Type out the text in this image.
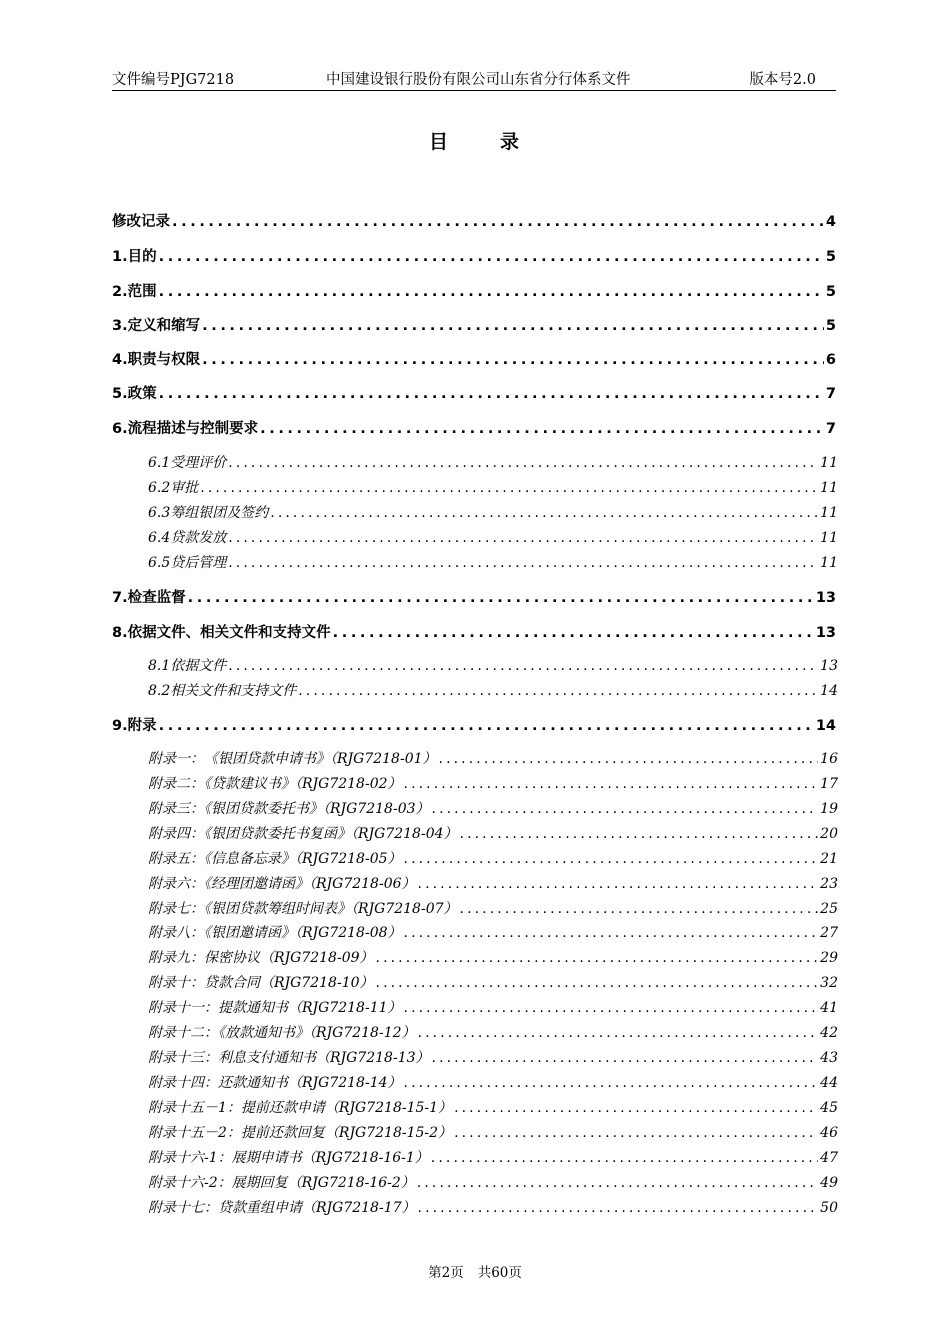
文件编号PJG7218	中国建设银行股份有限公司山东省分行体系文件	版本号2.0
目	录
修改记录 .....	4
1.目的 .....	5
2.范围 .....	5
3.定义和缩写 .....	5
4.职责与权限 .....	6
5.政策 .....	7
6.流程描述与控制要求 .....	7
6.1受理评价 .....	11
6.2审批 .....	11
6.3筹组银团及签约 .....	11
6.4贷款发放 .....	11
6.5贷后管理 .....	11
7.检查监督 .....	13
8.依据文件、相关文件和支持文件 .....	13
8.1依据文件 .....	13
8.2相关文件和支持文件 .....	14
9.附录 .....	14
附录一：　《银团贷款申请书》（RJG7218-01） .....	16
附录二：《贷款建议书》（RJG7218-02） .....	17
附录三：《银团贷款委托书》（RJG7218-03） .....	19
附录四：《银团贷款委托书复函》（RJG7218-04） .....	20
附录五：《信息备忘录》（RJG7218-05） .....	21
附录六：《经理团邀请函》（RJG7218-06） .....	23
附录七：《银团贷款筹组时间表》（RJG7218-07） .....	25
附录八：《银团邀请函》（RJG7218-08） .....	27
附录九：保密协议（RJG7218-09） .....	29
附录十：贷款合同（RJG7218-10） .....	32
附录十一：提款通知书（RJG7218-11） .....	41
附录十二：《放款通知书》（RJG7218-12） .....	42
附录十三：利息支付通知书（RJG7218-13） .....	43
附录十四：还款通知书（RJG7218-14） .....	44
附录十五－1：提前还款申请（RJG7218-15-1） .....	45
附录十五－2：提前还款回复（RJG7218-15-2） .....	46
附录十六-1：展期申请书（RJG7218-16-1） .....	47
附录十六-2：展期回复（RJG7218-16-2） .....	49
附录十七：贷款重组申请（RJG7218-17） .....	50
第2页 共60页
